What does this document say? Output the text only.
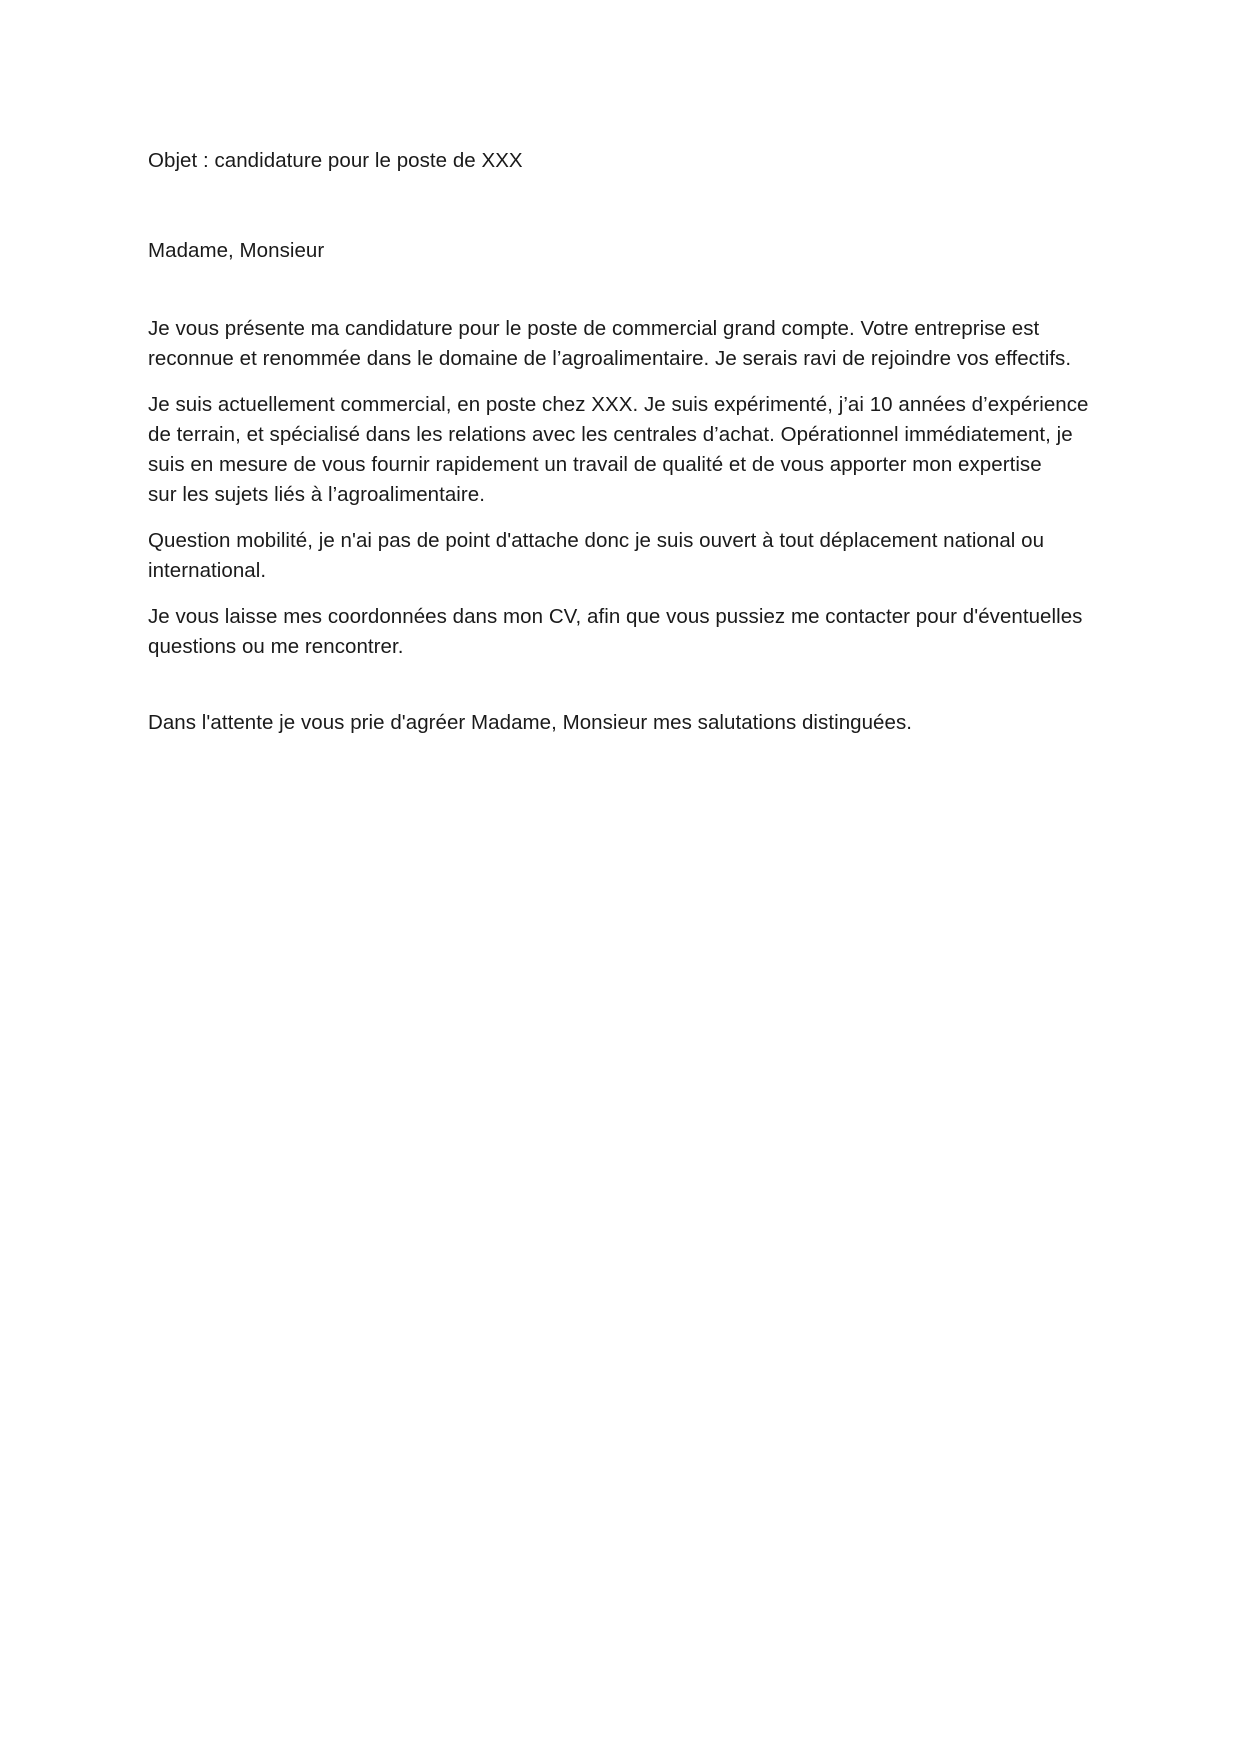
Objet : candidature pour le poste de XXX
Madame, Monsieur
Je vous présente ma candidature pour le poste de commercial grand compte. Votre entreprise est
reconnue et renommée dans le domaine de l’agroalimentaire. Je serais ravi de rejoindre vos effectifs.
Je suis actuellement commercial, en poste chez XXX. Je suis expérimenté, j’ai 10 années d’expérience
de terrain, et spécialisé dans les relations avec les centrales d’achat. Opérationnel immédiatement, je
suis en mesure de vous fournir rapidement un travail de qualité et de vous apporter mon expertise
sur les sujets liés à l’agroalimentaire.
Question mobilité, je n'ai pas de point d'attache donc je suis ouvert à tout déplacement national ou
international.
Je vous laisse mes coordonnées dans mon CV, afin que vous pussiez me contacter pour d'éventuelles
questions ou me rencontrer.
Dans l'attente je vous prie d'agréer Madame, Monsieur mes salutations distinguées.
